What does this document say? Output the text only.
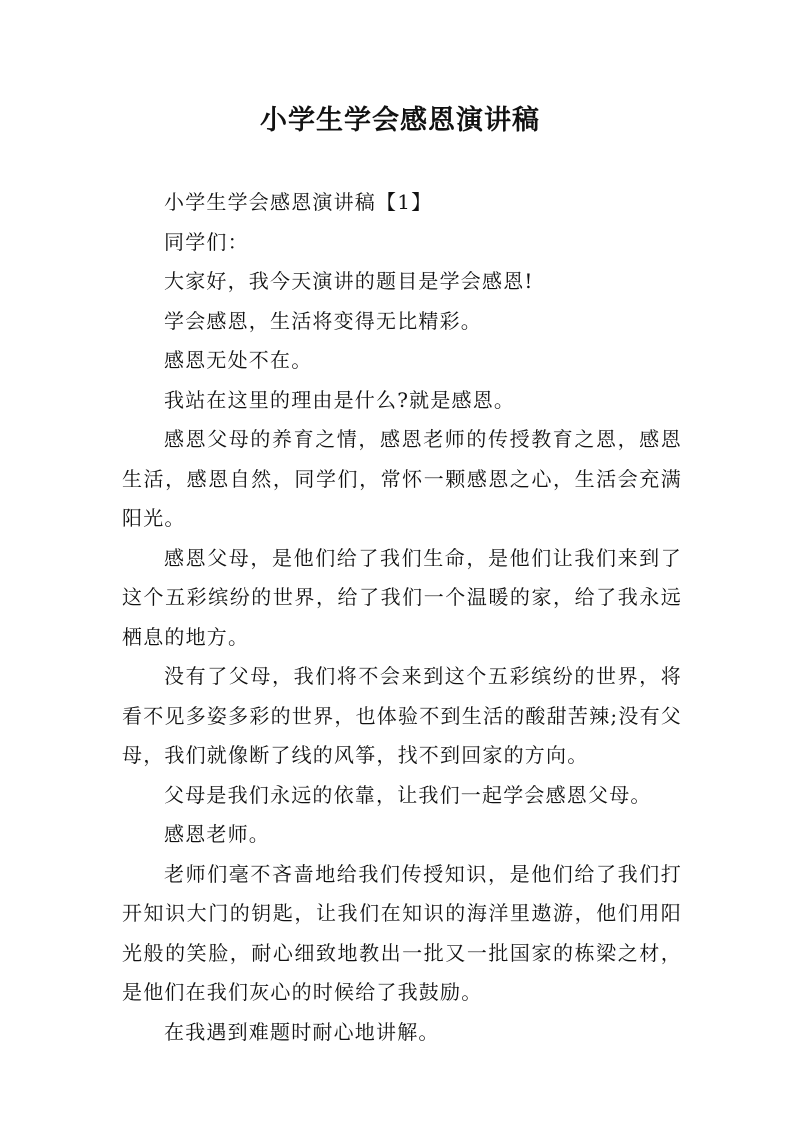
小学生学会感恩演讲稿

小学生学会感恩演讲稿【1】

同学们：

大家好，我今天演讲的题目是学会感恩!

学会感恩，生活将变得无比精彩。

感恩无处不在。

我站在这里的理由是什么?就是感恩。

感恩父母的养育之情，感恩老师的传授教育之恩，感恩生活，感恩自然，同学们，常怀一颗感恩之心，生活会充满阳光。

感恩父母，是他们给了我们生命，是他们让我们来到了这个五彩缤纷的世界，给了我们一个温暖的家，给了我永远栖息的地方。

没有了父母，我们将不会来到这个五彩缤纷的世界，将看不见多姿多彩的世界，也体验不到生活的酸甜苦辣;没有父母，我们就像断了线的风筝，找不到回家的方向。

父母是我们永远的依靠，让我们一起学会感恩父母。

感恩老师。

老师们毫不吝啬地给我们传授知识，是他们给了我们打开知识大门的钥匙，让我们在知识的海洋里遨游，他们用阳光般的笑脸，耐心细致地教出一批又一批国家的栋梁之材，是他们在我们灰心的时候给了我鼓励。

在我遇到难题时耐心地讲解。
